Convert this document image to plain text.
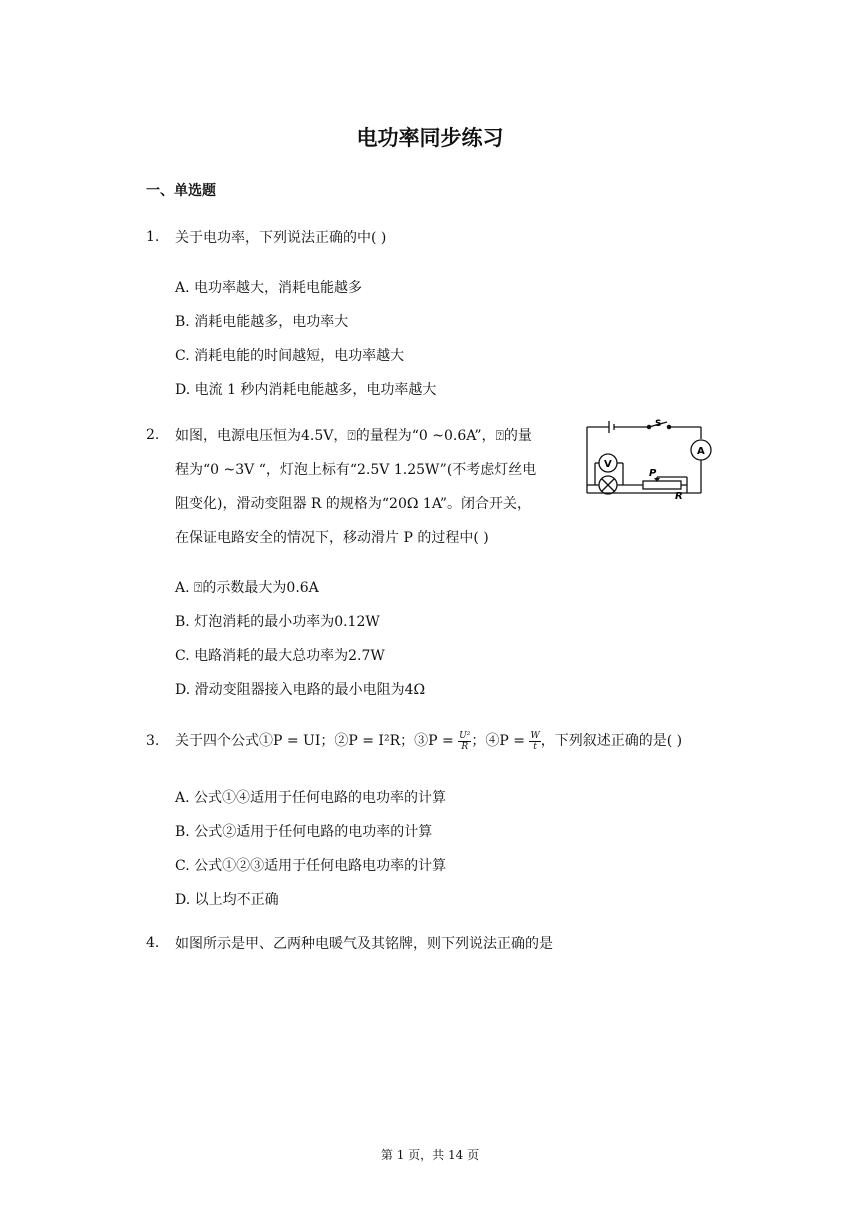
电功率同步练习
一、单选题
1. 关于电功率，下列说法正确的中( )
A. 电功率越大，消耗电能越多
B. 消耗电能越多，电功率大
C. 消耗电能的时间越短，电功率越大
D. 电流 1 秒内消耗电能越多，电功率越大
2. 如图，电源电压恒为4.5V，⍰的量程为“0 ~0.6A”，⍰的量
程为“0 ~3V “，灯泡上标有“2.5V 1.25W”(不考虑灯丝电
阻变化)，滑动变阻器 R 的规格为“20Ω 1A”。闭合开关，
在保证电路安全的情况下，移动滑片 P 的过程中( )
S
A
V
P
R
A. ⍰的示数最大为0.6A
B. 灯泡消耗的最小功率为0.12W
C. 电路消耗的最大总功率为2.7W
D. 滑动变阻器接入电路的最小电阻为4Ω
3. 关于四个公式①P = UI；②P = I²R；③P = $\frac{\text{U²}}{R}$ ；④P = $\frac{W}{t}$ ，下列叙述正确的是( )
A. 公式①④适用于任何电路的电功率的计算
B. 公式②适用于任何电路的电功率的计算
C. 公式①②③适用于任何电路电功率的计算
D. 以上均不正确
4. 如图所示是甲、乙两种电暖气及其铭牌，则下列说法正确的是
第 1 页，共 14 页
